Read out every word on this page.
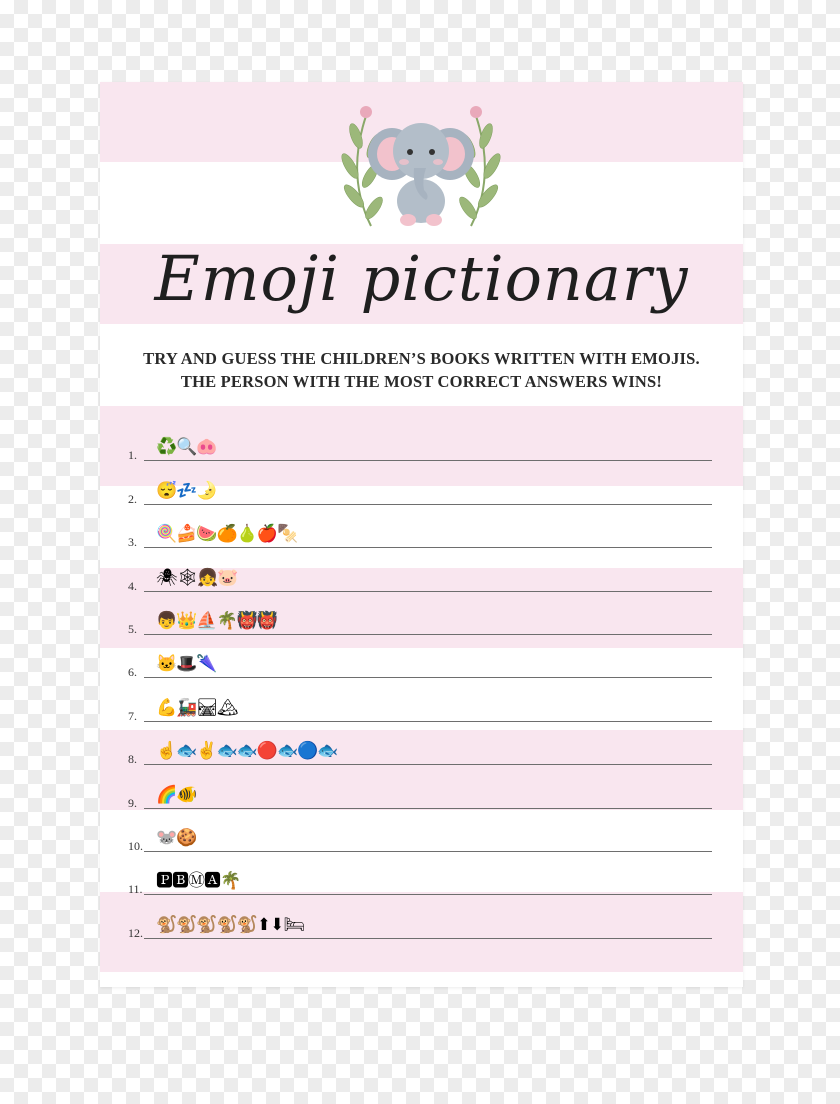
Emoji pictionary
TRY AND GUESS THE CHILDREN’S BOOKS WRITTEN WITH EMOJIS.
THE PERSON WITH THE MOST CORRECT ANSWERS WINS!
1. ♻️🔍🐽
2. 😴💤🌛
3. 🍭🍰🍉🍊🍐🍎🍢
4. 🕷🕸👧🐷
5. 👦👑⛵🌴👹👹
6. 🐱🎩🌂
7. 💪🚂🛤🏔
8. ☝🐟✌🐟🐟🔴🐟🔵🐟
9. 🌈🐠
10. 🐭🍪
11. 🅿🅱Ⓜ🅰🌴
12. 🐒🐒🐒🐒🐒⬆⬇🛏
